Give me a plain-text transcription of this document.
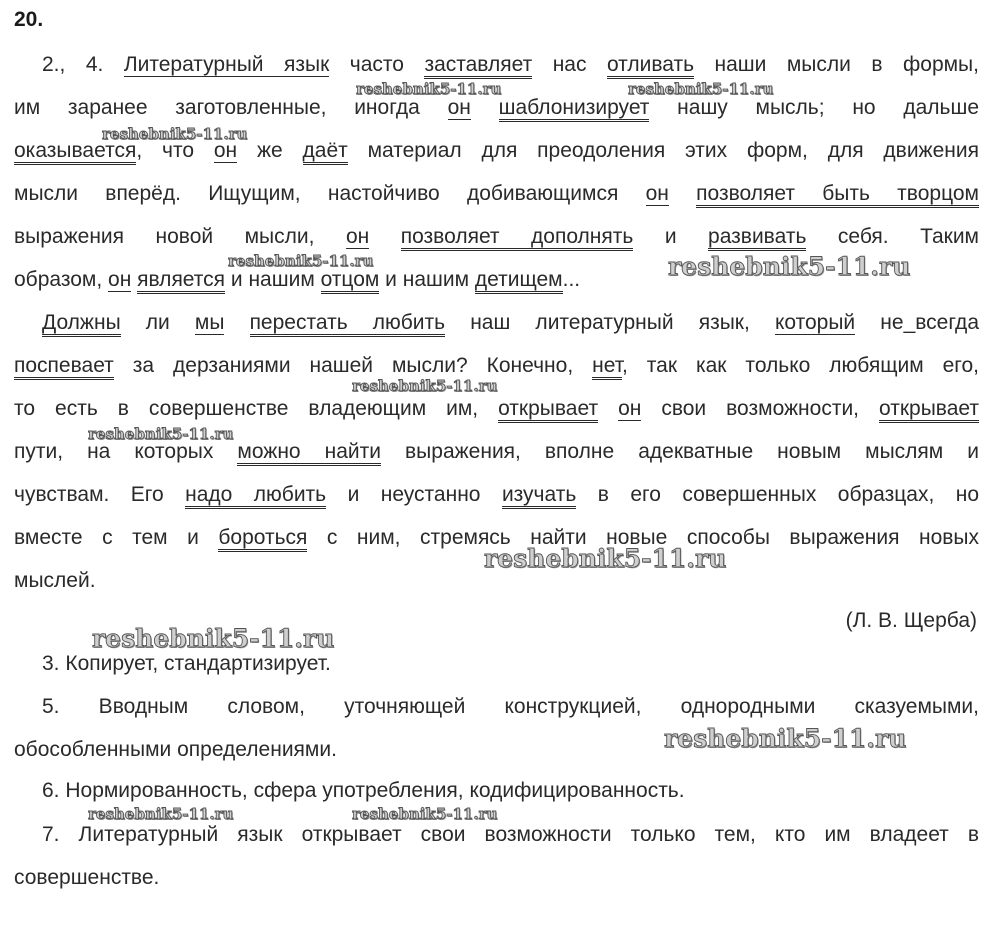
20.
2., 4. Литературный язык часто заставляет нас отливать наши мысли в формы,
им заранее заготовленные, иногда он шаблонизирует нашу мысль; но дальше
оказывается, что он же даёт материал для преодоления этих форм, для движения
мысли вперёд. Ищущим, настойчиво добивающимся он позволяет быть творцом
выражения новой мысли, он позволяет дополнять и развивать себя. Таким
образом, он является и нашим отцом и нашим детищем...
Должны ли мы перестать любить наш литературный язык, который не_всегда
поспевает за дерзаниями нашей мысли? Конечно, нет, так как только любящим его,
то есть в совершенстве владеющим им, открывает он свои возможности, открывает
пути, на которых можно найти выражения, вполне адекватные новым мыслям и
чувствам. Его надо любить и неустанно изучать в его совершенных образцах, но
вместе с тем и бороться с ним, стремясь найти новые способы выражения новых
мыслей.
(Л. В. Щерба)
3. Копирует, стандартизирует.
5. Вводным словом, уточняющей конструкцией, однородными сказуемыми,
обособленными определениями.
6. Нормированность, сфера употребления, кодифицированность.
7. Литературный язык открывает свои возможности только тем, кто им владеет в
совершенстве.
reshebnik5-11.ru	reshebnik5-11.ru
reshebnik5-11.ru
reshebnik5-11.ru	reshebnik5-11.ru
reshebnik5-11.ru
reshebnik5-11.ru
reshebnik5-11.ru
reshebnik5-11.ru
reshebnik5-11.ru
reshebnik5-11.ru	reshebnik5-11.ru
